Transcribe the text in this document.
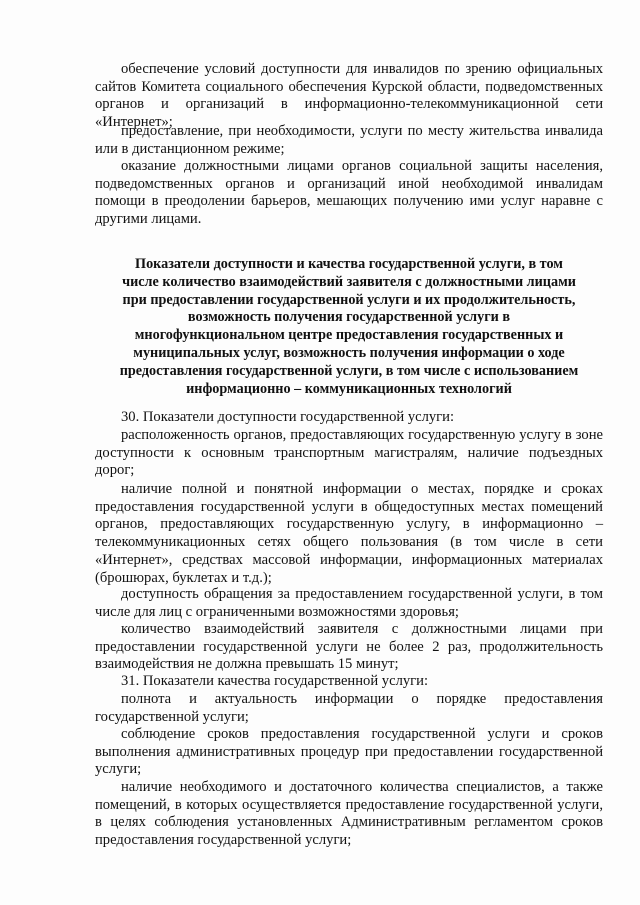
обеспечение условий доступности для инвалидов по зрению официальных сайтов Комитета социального обеспечения Курской области, подведомственных органов и организаций в информационно-телекоммуникационной сети «Интернет»;

предоставление, при необходимости, услуги по месту жительства инвалида или в дистанционном режиме;

оказание должностными лицами органов социальной защиты населения, подведомственных органов и организаций иной необходимой инвалидам помощи в преодолении барьеров, мешающих получению ими услуг наравне с другими лицами.

Показатели доступности и качества государственной услуги, в том
числе количество взаимодействий заявителя с должностными лицами
при предоставлении государственной услуги и их продолжительность,
возможность получения государственной услуги в
многофункциональном центре предоставления государственных и
муниципальных услуг, возможность получения информации о ходе
предоставления государственной услуги, в том числе с использованием
информационно – коммуникационных технологий

30. Показатели доступности государственной услуги:

расположенность органов, предоставляющих государственную услугу в зоне доступности к основным транспортным магистралям, наличие подъездных дорог;

наличие полной и понятной информации о местах, порядке и сроках предоставления государственной услуги в общедоступных местах помещений органов, предоставляющих государственную услугу, в информационно – телекоммуникационных сетях общего пользования (в том числе в сети «Интернет», средствах массовой информации, информационных материалах (брошюрах, буклетах и т.д.);

доступность обращения за предоставлением государственной услуги, в том числе для лиц с ограниченными возможностями здоровья;

количество взаимодействий заявителя с должностными лицами при предоставлении государственной услуги не более 2 раз, продолжительность взаимодействия не должна превышать 15 минут;

31. Показатели качества государственной услуги:

полнота и актуальность информации о порядке предоставления государственной услуги;

соблюдение сроков предоставления государственной услуги и сроков выполнения административных процедур при предоставлении государственной услуги;

наличие необходимого и достаточного количества специалистов, а также помещений, в которых осуществляется предоставление государственной услуги, в целях соблюдения установленных Административным регламентом сроков предоставления государственной услуги;
